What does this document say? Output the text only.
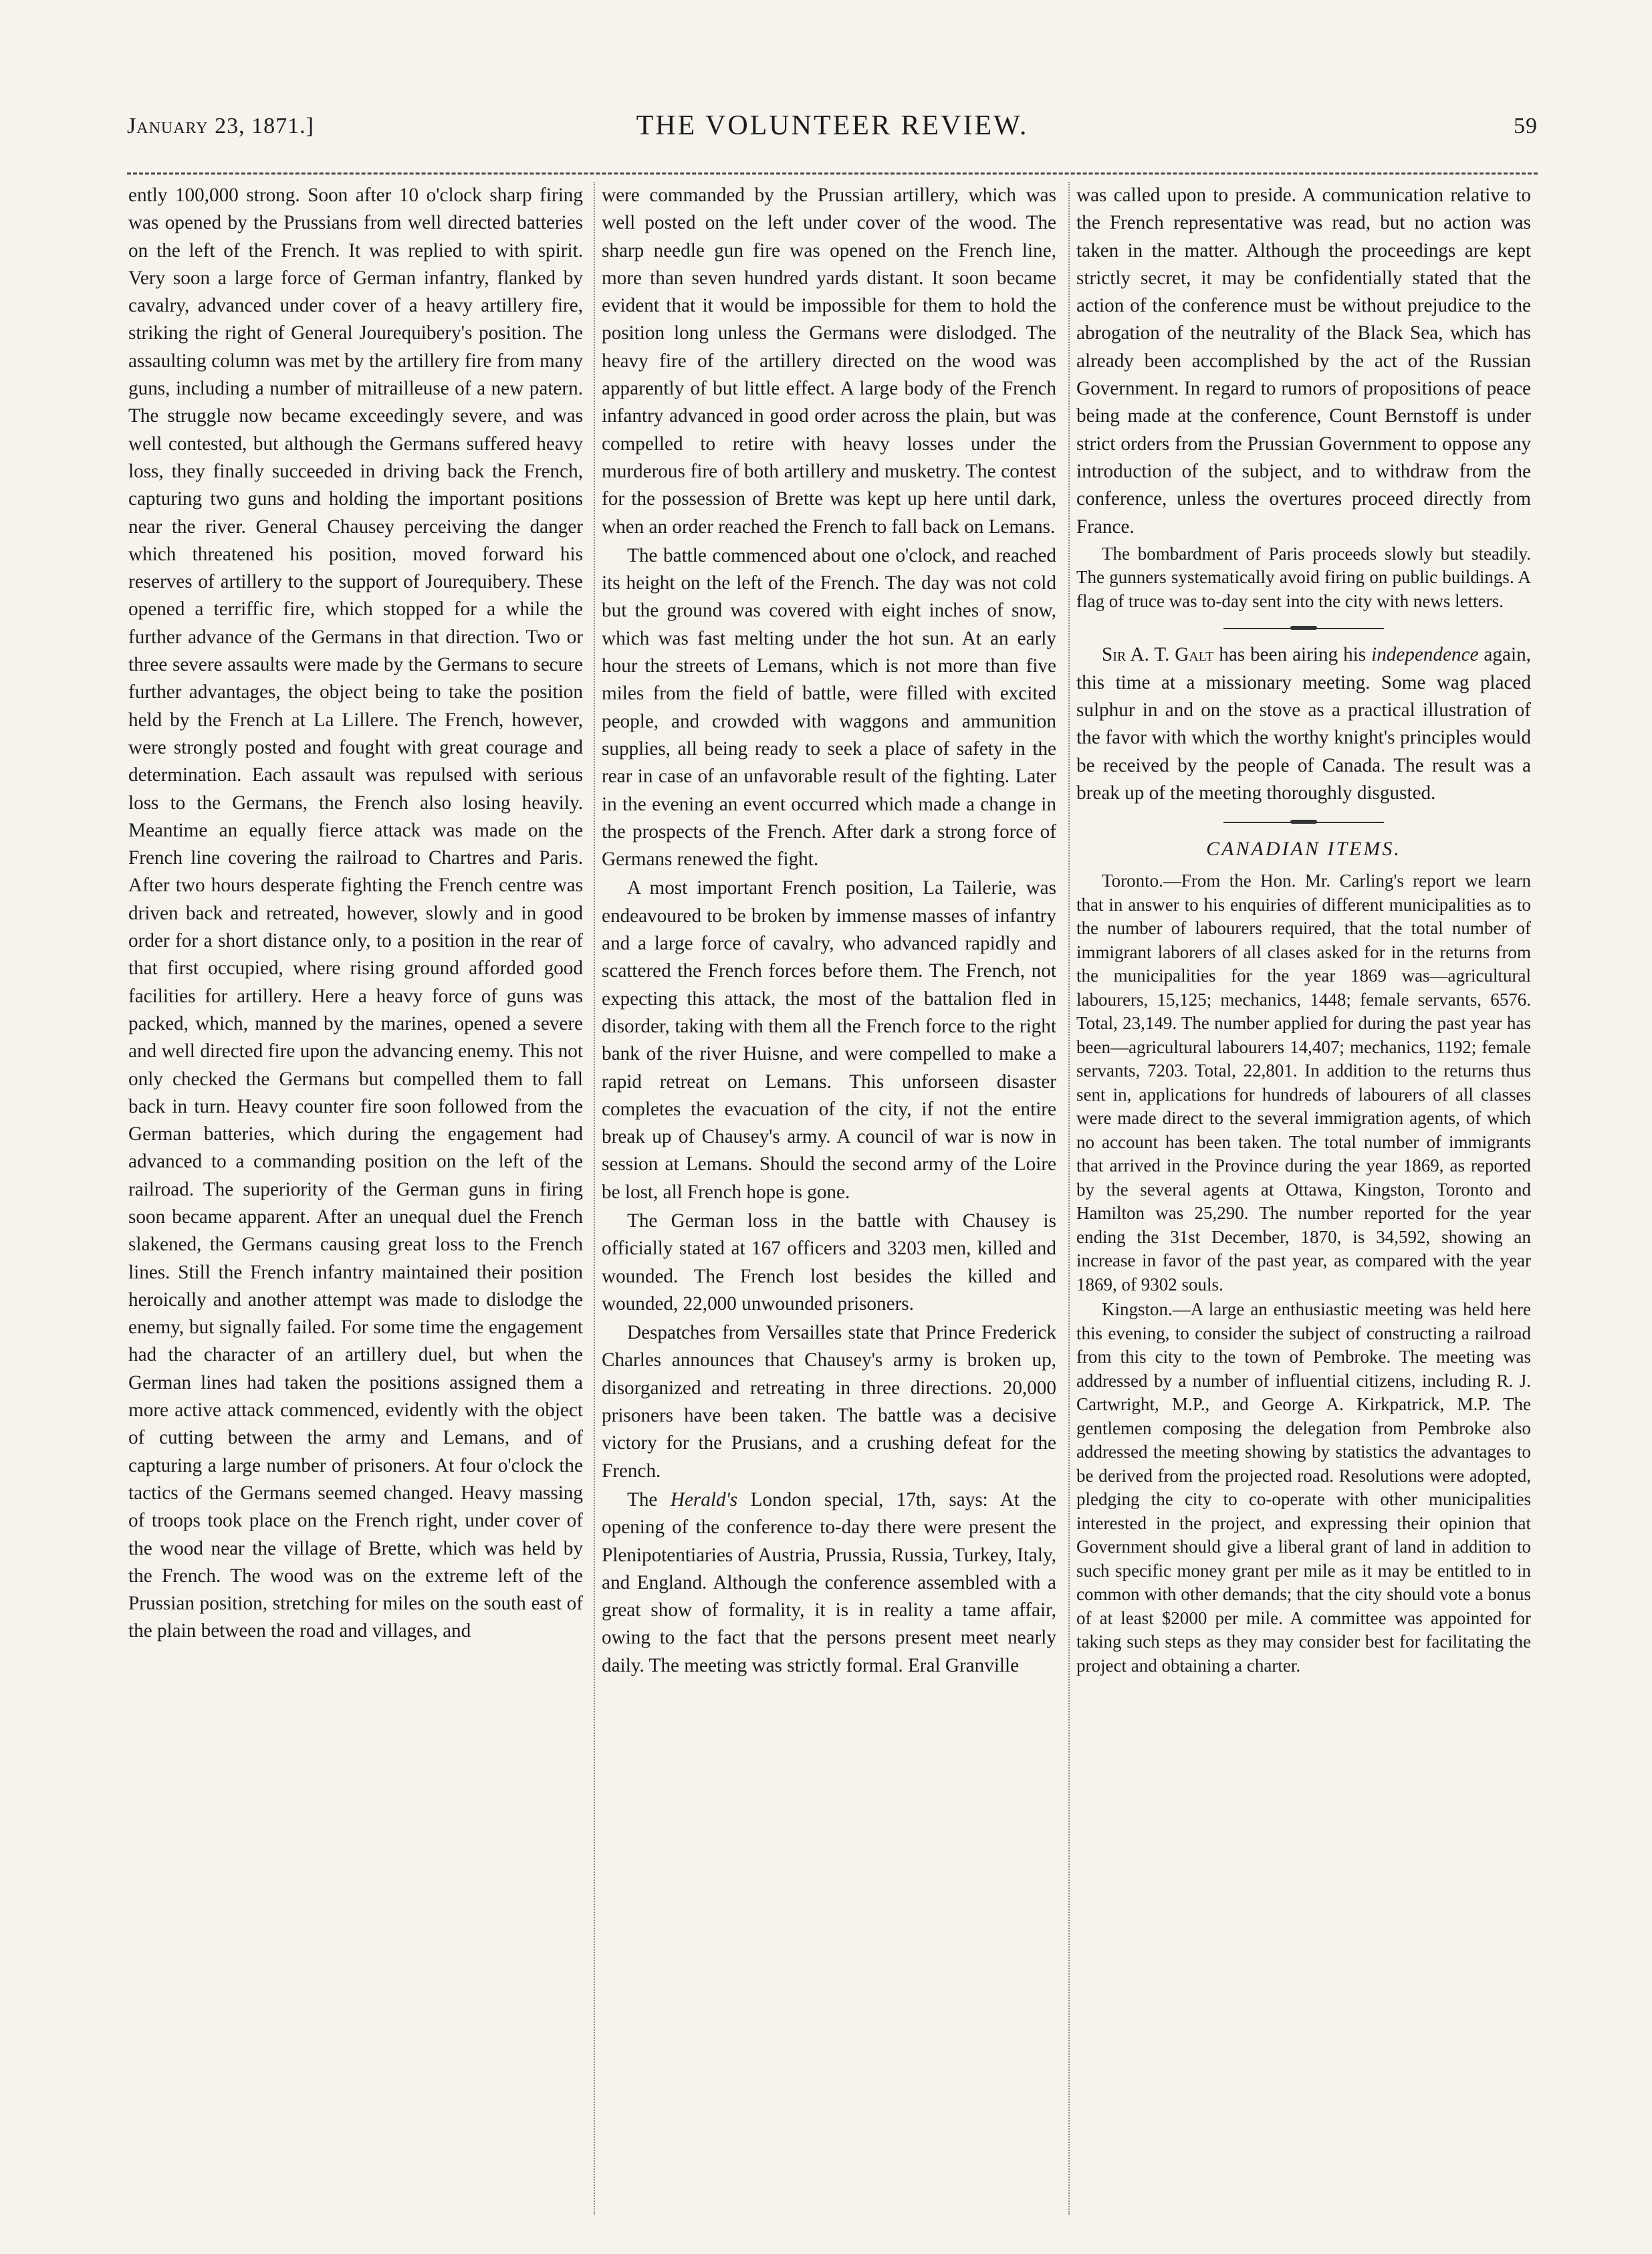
January 23, 1871.]	THE VOLUNTEER REVIEW.	59

ently 100,000 strong. Soon after 10 o'clock sharp firing was opened by the Prussians from well directed batteries on the left of the French. It was replied to with spirit. Very soon a large force of German infantry, flanked by cavalry, advanced under cover of a heavy artillery fire, striking the right of General Jourequibery's position. The assaulting column was met by the artillery fire from many guns, including a number of mitrailleuse of a new patern. The struggle now became exceedingly severe, and was well contested, but although the Germans suffered heavy loss, they finally succeeded in driving back the French, capturing two guns and holding the important positions near the river. General Chausey perceiving the danger which threatened his position, moved forward his reserves of artillery to the support of Jourequibery. These opened a terriffic fire, which stopped for a while the further advance of the Germans in that direction. Two or three severe assaults were made by the Germans to secure further advantages, the object being to take the position held by the French at La Lillere. The French, however, were strongly posted and fought with great courage and determination. Each assault was repulsed with serious loss to the Germans, the French also losing heavily. Meantime an equally fierce attack was made on the French line covering the railroad to Chartres and Paris. After two hours desperate fighting the French centre was driven back and retreated, however, slowly and in good order for a short distance only, to a position in the rear of that first occupied, where rising ground afforded good facilities for artillery. Here a heavy force of guns was packed, which, manned by the marines, opened a severe and well directed fire upon the advancing enemy. This not only checked the Germans but compelled them to fall back in turn. Heavy counter fire soon followed from the German batteries, which during the engagement had advanced to a commanding position on the left of the railroad. The superiority of the German guns in firing soon became apparent. After an unequal duel the French slakened, the Germans causing great loss to the French lines. Still the French infantry maintained their position heroically and another attempt was made to dislodge the enemy, but signally failed. For some time the engagement had the character of an artillery duel, but when the German lines had taken the positions assigned them a more active attack commenced, evidently with the object of cutting between the army and Lemans, and of capturing a large number of prisoners. At four o'clock the tactics of the Germans seemed changed. Heavy massing of troops took place on the French right, under cover of the wood near the village of Brette, which was held by the French. The wood was on the extreme left of the Prussian position, stretching for miles on the south east of the plain between the road and villages, and

were commanded by the Prussian artillery, which was well posted on the left under cover of the wood. The sharp needle gun fire was opened on the French line, more than seven hundred yards distant. It soon became evident that it would be impossible for them to hold the position long unless the Germans were dislodged. The heavy fire of the artillery directed on the wood was apparently of but little effect. A large body of the French infantry advanced in good order across the plain, but was compelled to retire with heavy losses under the murderous fire of both artillery and musketry. The contest for the possession of Brette was kept up here until dark, when an order reached the French to fall back on Lemans.

The battle commenced about one o'clock, and reached its height on the left of the French. The day was not cold but the ground was covered with eight inches of snow, which was fast melting under the hot sun. At an early hour the streets of Lemans, which is not more than five miles from the field of battle, were filled with excited people, and crowded with waggons and ammunition supplies, all being ready to seek a place of safety in the rear in case of an unfavorable result of the fighting. Later in the evening an event occurred which made a change in the prospects of the French. After dark a strong force of Germans renewed the fight.

A most important French position, La Tailerie, was endeavoured to be broken by immense masses of infantry and a large force of cavalry, who advanced rapidly and scattered the French forces before them. The French, not expecting this attack, the most of the battalion fled in disorder, taking with them all the French force to the right bank of the river Huisne, and were compelled to make a rapid retreat on Lemans. This unforseen disaster completes the evacuation of the city, if not the entire break up of Chausey's army. A council of war is now in session at Lemans. Should the second army of the Loire be lost, all French hope is gone.

The German loss in the battle with Chausey is officially stated at 167 officers and 3203 men, killed and wounded. The French lost besides the killed and wounded, 22,000 unwounded prisoners.

Despatches from Versailles state that Prince Frederick Charles announces that Chausey's army is broken up, disorganized and retreating in three directions. 20,000 prisoners have been taken. The battle was a decisive victory for the Prusians, and a crushing defeat for the French.

The Herald's London special, 17th, says: At the opening of the conference to-day there were present the Plenipotentiaries of Austria, Prussia, Russia, Turkey, Italy, and England. Although the conference assembled with a great show of formality, it is in reality a tame affair, owing to the fact that the persons present meet nearly daily. The meeting was strictly formal. Eral Granville

was called upon to preside. A communication relative to the French representative was read, but no action was taken in the matter. Although the proceedings are kept strictly secret, it may be confidentially stated that the action of the conference must be without prejudice to the abrogation of the neutrality of the Black Sea, which has already been accomplished by the act of the Russian Government. In regard to rumors of propositions of peace being made at the conference, Count Bernstoff is under strict orders from the Prussian Government to oppose any introduction of the subject, and to withdraw from the conference, unless the overtures proceed directly from France.

The bombardment of Paris proceeds slowly but steadily. The gunners systematically avoid firing on public buildings. A flag of truce was to-day sent into the city with news letters.

Sir A. T. Galt has been airing his independence again, this time at a missionary meeting. Some wag placed sulphur in and on the stove as a practical illustration of the favor with which the worthy knight's principles would be received by the people of Canada. The result was a break up of the meeting thoroughly disgusted.

CANADIAN ITEMS.

Toronto.—From the Hon. Mr. Carling's report we learn that in answer to his enquiries of different municipalities as to the number of labourers required, that the total number of immigrant laborers of all clases asked for in the returns from the municipalities for the year 1869 was—agricultural labourers, 15,125; mechanics, 1448; female servants, 6576. Total, 23,149. The number applied for during the past year has been—agricultural labourers 14,407; mechanics, 1192; female servants, 7203. Total, 22,801. In addition to the returns thus sent in, applications for hundreds of labourers of all classes were made direct to the several immigration agents, of which no account has been taken. The total number of immigrants that arrived in the Province during the year 1869, as reported by the several agents at Ottawa, Kingston, Toronto and Hamilton was 25,290. The number reported for the year ending the 31st December, 1870, is 34,592, showing an increase in favor of the past year, as compared with the year 1869, of 9302 souls.

Kingston.—A large an enthusiastic meeting was held here this evening, to consider the subject of constructing a railroad from this city to the town of Pembroke. The meeting was addressed by a number of influential citizens, including R. J. Cartwright, M.P., and George A. Kirkpatrick, M.P. The gentlemen composing the delegation from Pembroke also addressed the meeting showing by statistics the advantages to be derived from the projected road. Resolutions were adopted, pledging the city to co-operate with other municipalities interested in the project, and expressing their opinion that Government should give a liberal grant of land in addition to such specific money grant per mile as it may be entitled to in common with other demands; that the city should vote a bonus of at least $2000 per mile. A committee was appointed for taking such steps as they may consider best for facilitating the project and obtaining a charter.
